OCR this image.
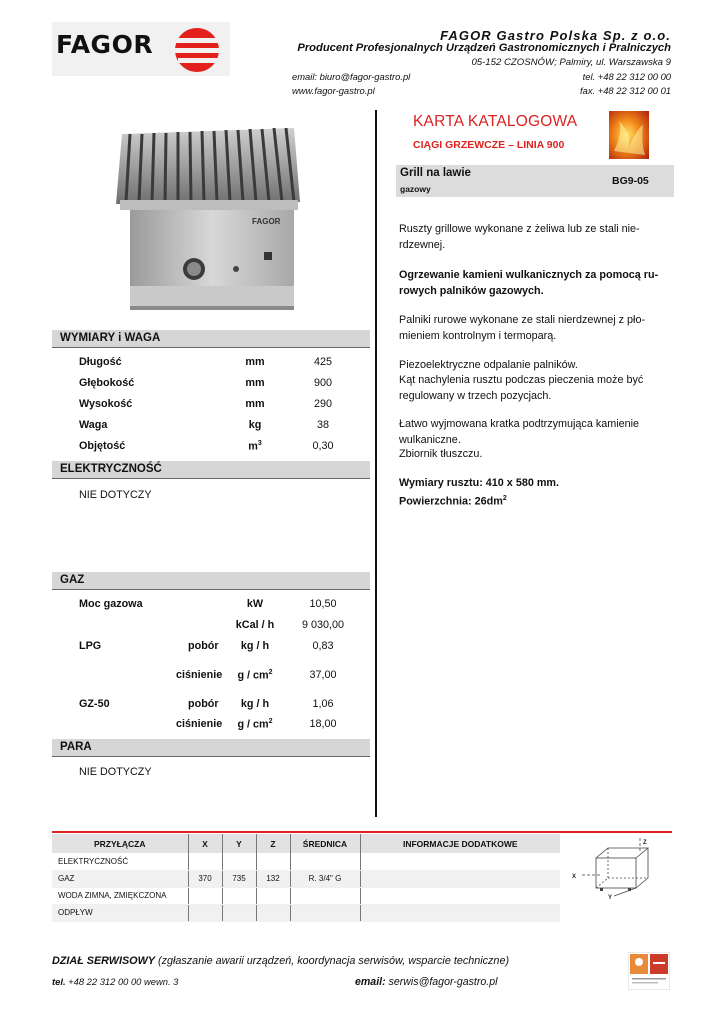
FAGOR	FAGOR Gastro Polska Sp. z o.o.
Producent Profesjonalnych Urządzeń Gastronomicznych i Pralniczych
05-152 CZOSNÓW; Palmiry, ul. Warszawska 9
email: biuro@fagor-gastro.pl
www.fagor-gastro.pl
tel. +48 22 312 00 00
fax. +48 22 312 00 01
FAGOR
KARTA KATALOGOWA
CIĄGI GRZEWCZE – LINIA 900
Grill na lawie
gazowy
BG9-05
Ruszty grillowe wykonane z żeliwa lub ze stali nie-rdzewnej.
Ogrzewanie kamieni wulkanicznych za pomocą ru-rowych palników gazowych.
Palniki rurowe wykonane ze stali nierdzewnej z pło-mieniem kontrolnym i termoparą.
Piezoelektryczne odpalanie palników.
Kąt nachylenia rusztu podczas pieczenia może być regulowany w trzech pozycjach.
Łatwo wyjmowana kratka podtrzymująca kamienie wulkaniczne.
Zbiornik tłuszczu.
Wymiary rusztu: 410 x 580 mm.
Powierzchnia: $26dm^2$
WYMIARY i WAGA
Długość	mm	425
Głębokość	mm	900
Wysokość	mm	290
Waga	kg	38
Objętość	$m^3$	0,30
ELEKTRYCZNOŚĆ
NIE DOTYCZY
GAZ
Moc gazowa	kW	10,50
kCal / h	9 030,00
LPG	pobór	kg / h	0,83
ciśnienie	g / $cm^2$	37,00
GZ-50	pobór	kg / h	1,06
ciśnienie	g / $cm^2$	18,00
PARA
NIE DOTYCZY
PRZYŁĄCZA	X	Y	Z	ŚREDNICA	INFORMACJE DODATKOWE
ELEKTRYCZNOŚĆ					
GAZ	370	735	132	R. 3/4" G	
WODA ZIMNA, ZMIĘKCZONA					
ODPŁYW					
X
Y
Z
DZIAŁ SERWISOWY (zgłaszanie awarii urządzeń, koordynacja serwisów, wsparcie techniczne)
tel. +48 22 312 00 00 wewn. 3	email: serwis@fagor-gastro.pl
